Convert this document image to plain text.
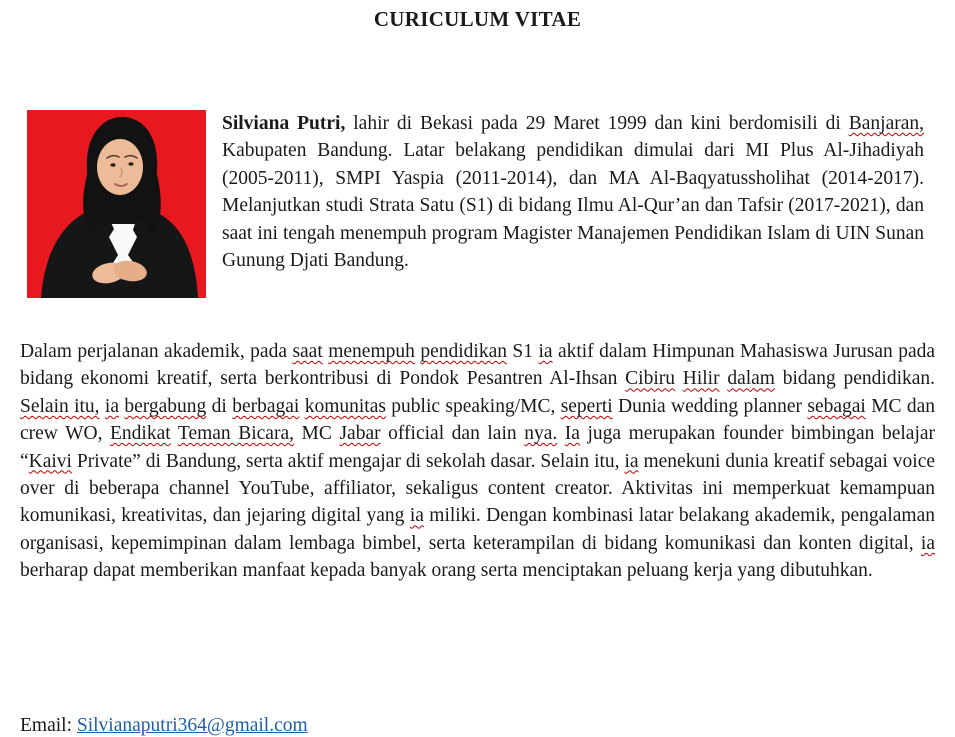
CURICULUM VITAE

Silviana Putri, lahir di Bekasi pada 29 Maret 1999 dan kini berdomisili di Banjaran, Kabupaten Bandung. Latar belakang pendidikan dimulai dari MI Plus Al-Jihadiyah (2005-2011), SMPI Yaspia (2011-2014), dan MA Al-Baqyatussholihat (2014-2017). Melanjutkan studi Strata Satu (S1) di bidang Ilmu Al-Qur’an dan Tafsir (2017-2021), dan saat ini tengah menempuh program Magister Manajemen Pendidikan Islam di UIN Sunan Gunung Djati Bandung.

Dalam perjalanan akademik, pada saat menempuh pendidikan S1 ia aktif dalam Himpunan Mahasiswa Jurusan pada bidang ekonomi kreatif, serta berkontribusi di Pondok Pesantren Al-Ihsan Cibiru Hilir dalam bidang pendidikan. Selain itu, ia bergabung di berbagai komunitas public speaking/MC, seperti Dunia wedding planner sebagai MC dan crew WO, Endikat Teman Bicara, MC Jabar official dan lain nya. Ia juga merupakan founder bimbingan belajar “Kaivi Private” di Bandung, serta aktif mengajar di sekolah dasar. Selain itu, ia menekuni dunia kreatif sebagai voice over di beberapa channel YouTube, affiliator, sekaligus content creator. Aktivitas ini memperkuat kemampuan komunikasi, kreativitas, dan jejaring digital yang ia miliki. Dengan kombinasi latar belakang akademik, pengalaman organisasi, kepemimpinan dalam lembaga bimbel, serta keterampilan di bidang komunikasi dan konten digital, ia berharap dapat memberikan manfaat kepada banyak orang serta menciptakan peluang kerja yang dibutuhkan.

Email: Silvianaputri364@gmail.com
